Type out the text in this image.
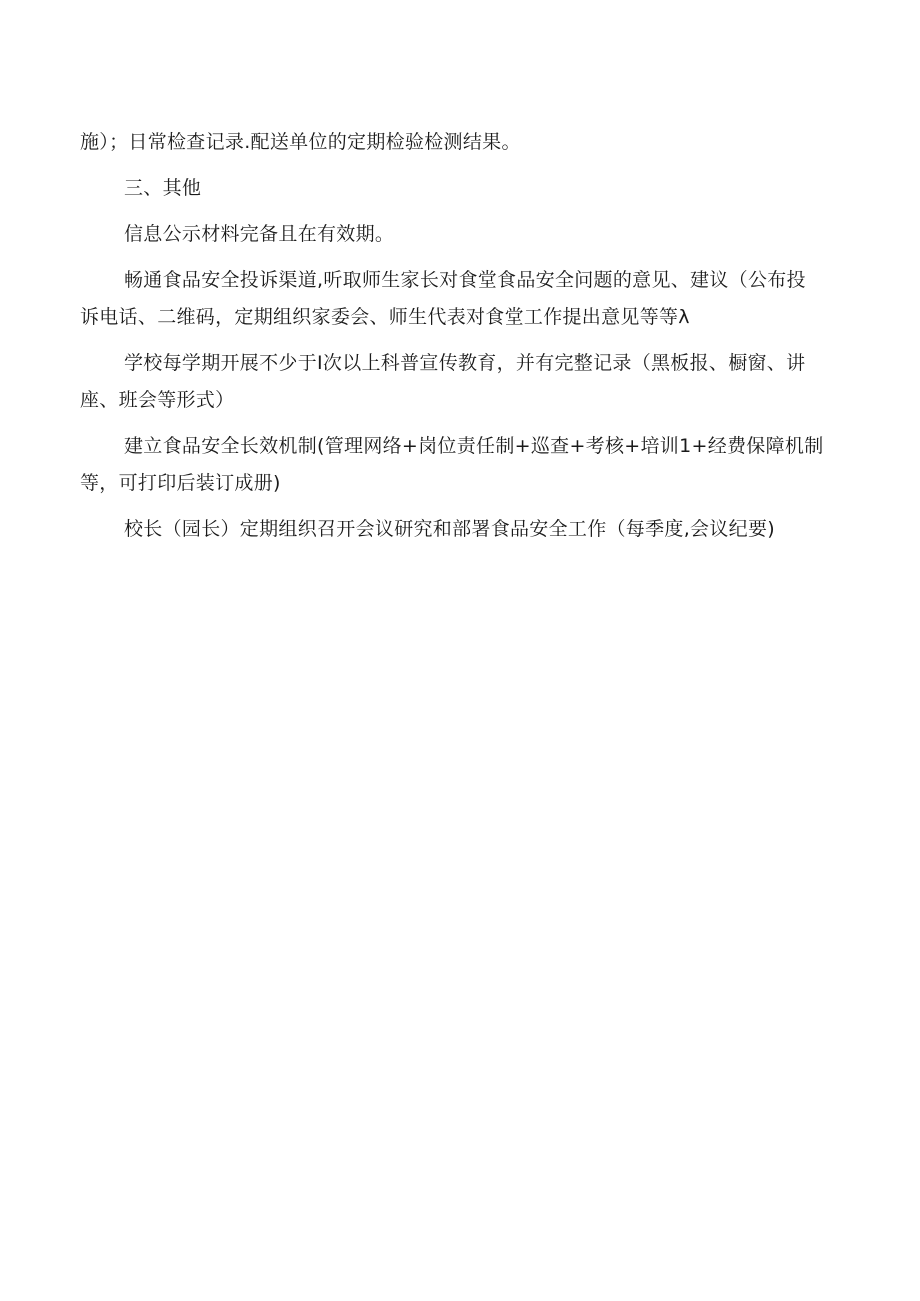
施）；日常检查记录.配送单位的定期检验检测结果。
三、其他
信息公示材料完备且在有效期。
畅通食品安全投诉渠道,听取师生家长对食堂食品安全问题的意见、建议（公布投
诉电话、二维码，定期组织家委会、师生代表对食堂工作提出意见等等λ
学校每学期开展不少于I次以上科普宣传教育，并有完整记录（黑板报、橱窗、讲
座、班会等形式）
建立食品安全长效机制(管理网络+岗位责任制+巡查+考核+培训1+经费保障机制
等，可打印后装订成册)
校长（园长）定期组织召开会议研究和部署食品安全工作（每季度,会议纪要)
